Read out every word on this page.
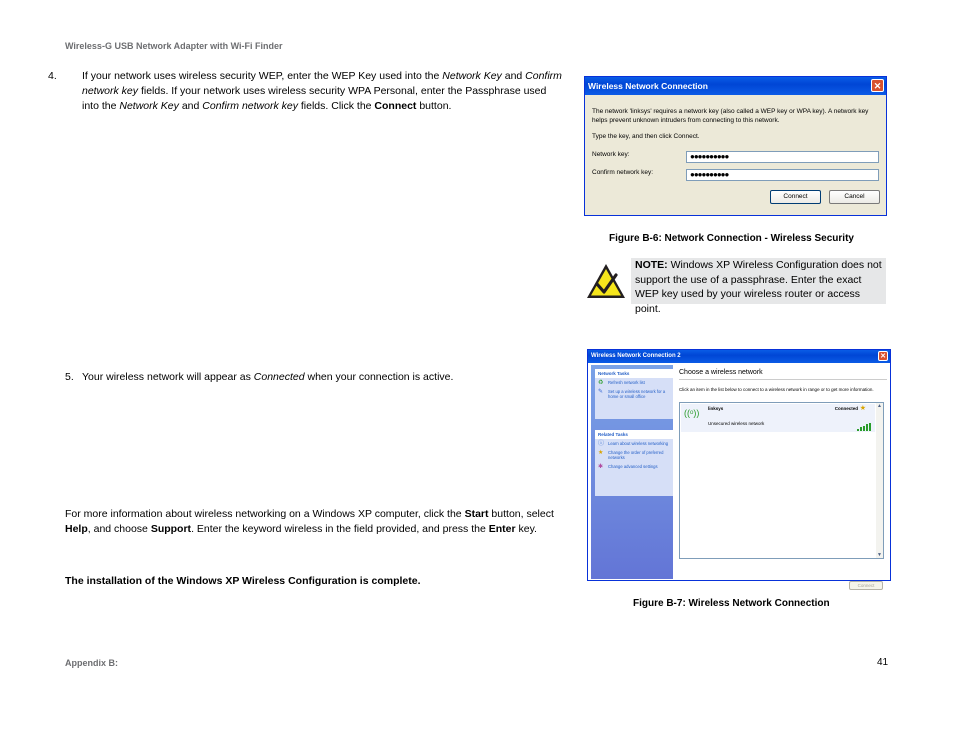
Wireless-G USB Network Adapter with Wi-Fi Finder
4. If your network uses wireless security WEP, enter the WEP Key used into the Network Key and Confirm network key fields. If your network uses wireless security WPA Personal, enter the Passphrase used into the Network Key and Confirm network key fields. Click the Connect button.
Wireless Network Connection	✕
The network 'linksys' requires a network key (also called a WEP key or WPA key). A network key helps prevent unknown intruders from connecting to this network.
Type the key, and then click Connect.
Network key:	●●●●●●●●●●
Confirm network key:	●●●●●●●●●●
Connect	Cancel
Figure B-6: Network Connection - Wireless Security
NOTE: Windows XP Wireless Configuration does not support the use of a passphrase. Enter the exact WEP key used by your wireless router or access point.
5. Your wireless network will appear as Connected when your connection is active.
Wireless Network Connection 2	✕
Network Tasks
♻	Refresh network list
✎	Set up a wireless network for a home or small office
Related Tasks
ⓘ Learn about wireless networking
★	Change the order of preferred networks
✱	Change advanced settings
Choose a wireless network
Click an item in the list below to connect to a wireless network in range or to get more information.
((ᵒ)) linksys	Connected ★
Unsecured wireless network
▲
▼
Connect
For more information about wireless networking on a Windows XP computer, click the Start button, select Help, and choose Support. Enter the keyword wireless in the field provided, and press the Enter key.
The installation of the Windows XP Wireless Configuration is complete.
Figure B-7: Wireless Network Connection
Appendix B:	41
